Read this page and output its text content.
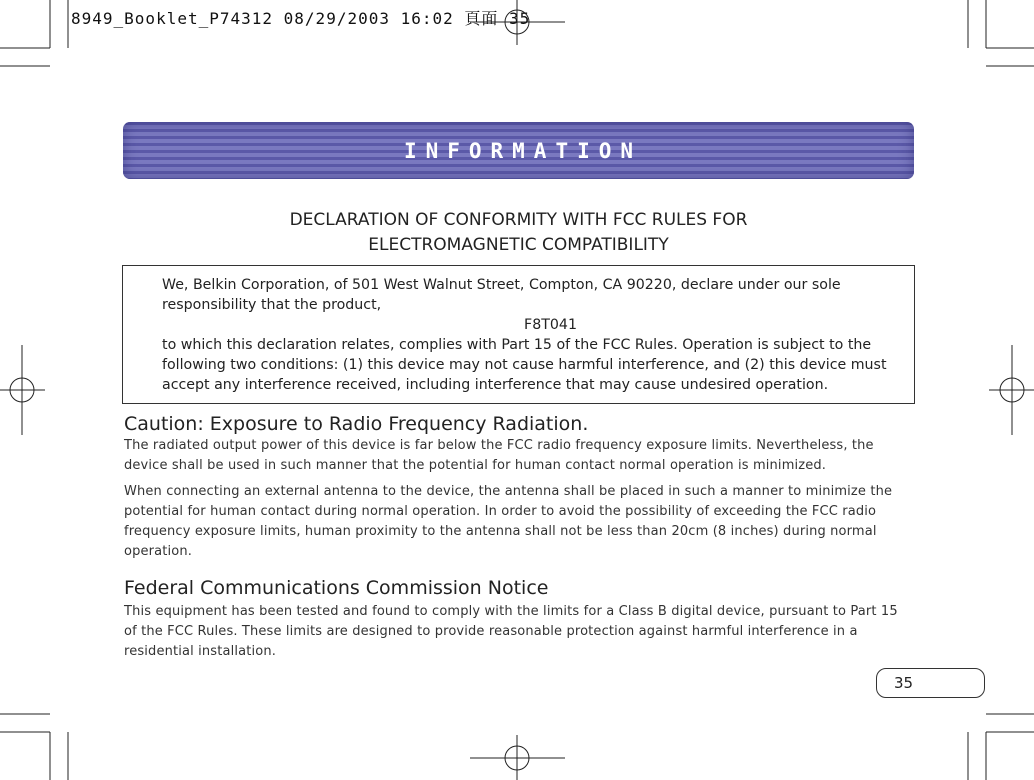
8949_Booklet_P74312 08/29/2003 16:02 頁面 35
INFORMATION
DECLARATION OF CONFORMITY WITH FCC RULES FOR
ELECTROMAGNETIC COMPATIBILITY

We, Belkin Corporation, of 501 West Walnut Street, Compton, CA 90220, declare under our sole responsibility that the product,

F8T041

to which this declaration relates, complies with Part 15 of the FCC Rules. Operation is subject to the following two conditions: (1) this device may not cause harmful interference, and (2) this device must accept any interference received, including interference that may cause undesired operation.

Caution: Exposure to Radio Frequency Radiation.

The radiated output power of this device is far below the FCC radio frequency exposure limits. Nevertheless, the device shall be used in such manner that the potential for human contact normal operation is minimized.

When connecting an external antenna to the device, the antenna shall be placed in such a manner to minimize the potential for human contact during normal operation. In order to avoid the possibility of exceeding the FCC radio frequency exposure limits, human proximity to the antenna shall not be less than 20cm (8 inches) during normal operation.

Federal Communications Commission Notice

This equipment has been tested and found to comply with the limits for a Class B digital device, pursuant to Part 15 of the FCC Rules. These limits are designed to provide reasonable protection against harmful interference in a residential installation.

35
